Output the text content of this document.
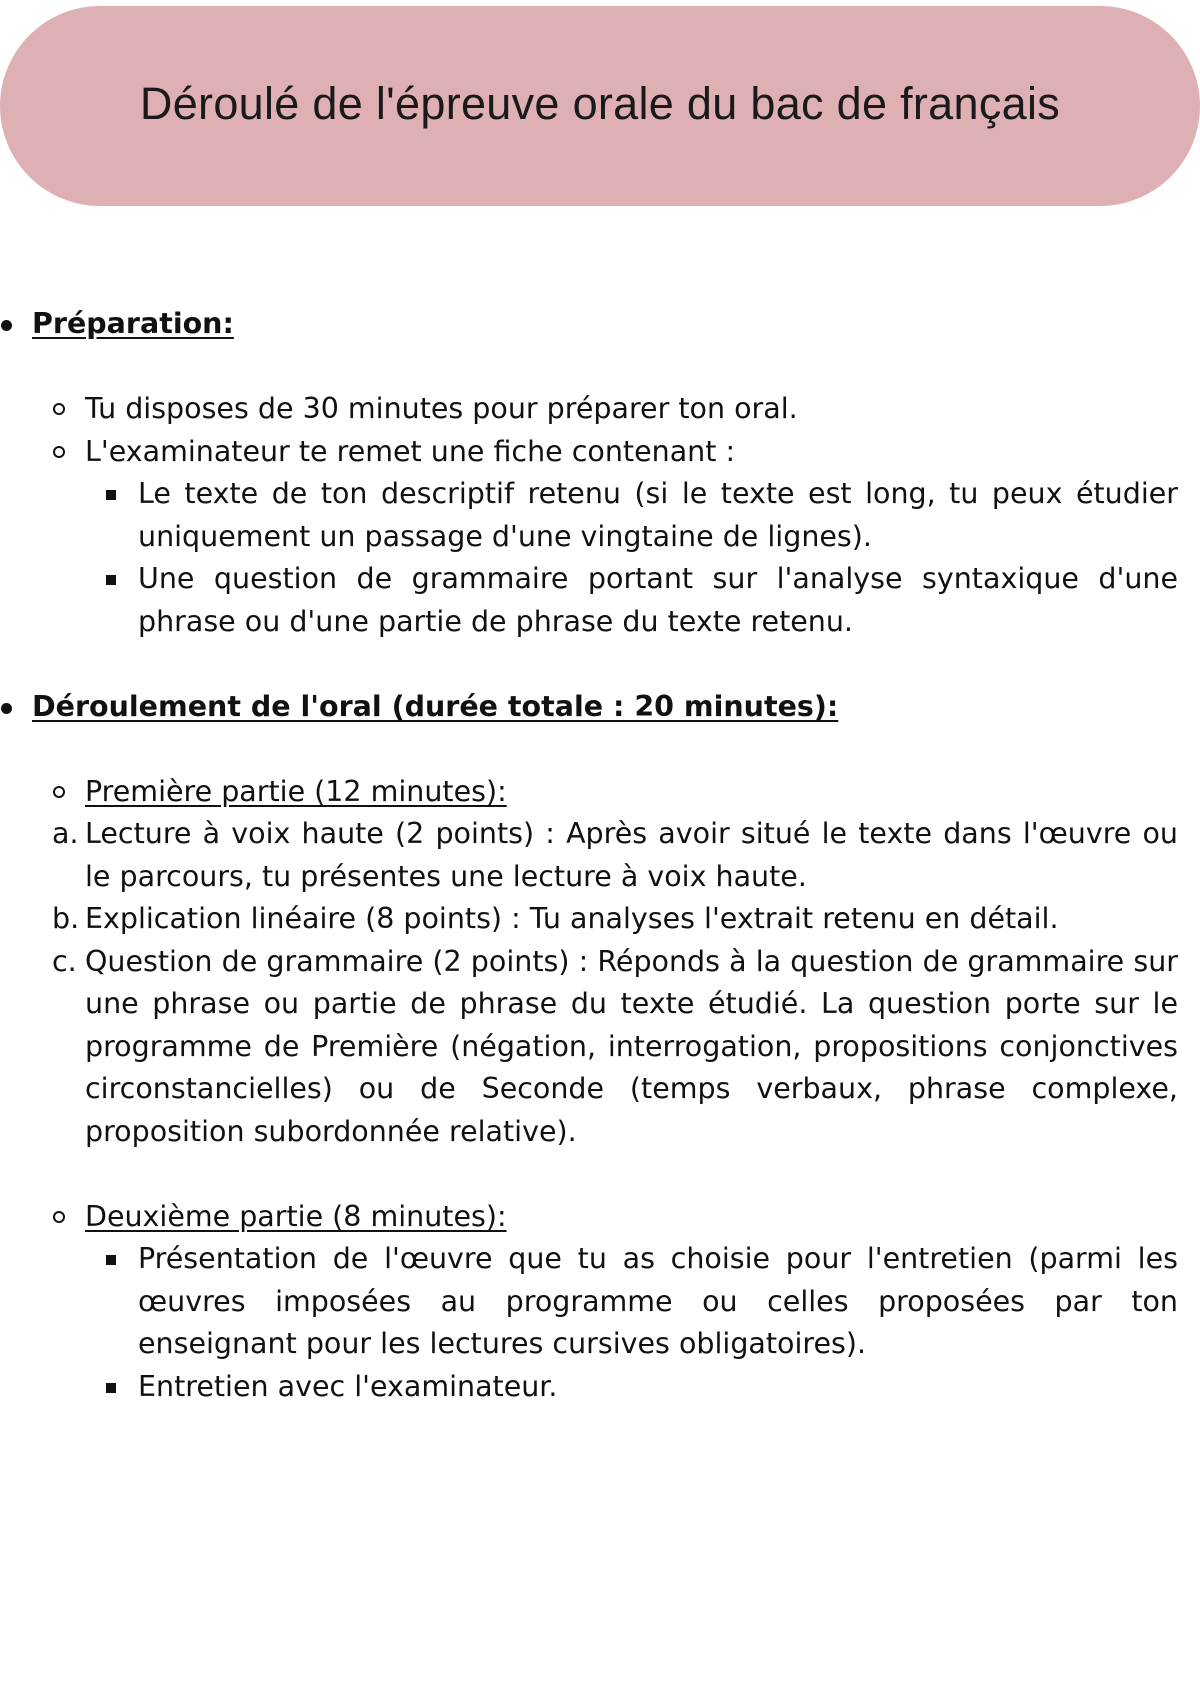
Déroulé de l'épreuve orale du bac de français
Préparation:
Tu disposes de 30 minutes pour préparer ton oral.
L'examinateur te remet une fiche contenant :
Le texte de ton descriptif retenu (si le texte est long, tu peux étudier uniquement un passage d'une vingtaine de lignes).
Une question de grammaire portant sur l'analyse syntaxique d'une phrase ou d'une partie de phrase du texte retenu.
Déroulement de l'oral (durée totale : 20 minutes):
Première partie (12 minutes):
a. Lecture à voix haute (2 points) : Après avoir situé le texte dans l'œuvre ou le parcours, tu présentes une lecture à voix haute.
b. Explication linéaire (8 points) : Tu analyses l'extrait retenu en détail.
c. Question de grammaire (2 points) : Réponds à la question de grammaire sur une phrase ou partie de phrase du texte étudié. La question porte sur le programme de Première (négation, interrogation, propositions conjonctives circonstancielles) ou de Seconde (temps verbaux, phrase complexe, proposition subordonnée relative).
Deuxième partie (8 minutes):
Présentation de l'œuvre que tu as choisie pour l'entretien (parmi les œuvres imposées au programme ou celles proposées par ton enseignant pour les lectures cursives obligatoires).
Entretien avec l'examinateur.
